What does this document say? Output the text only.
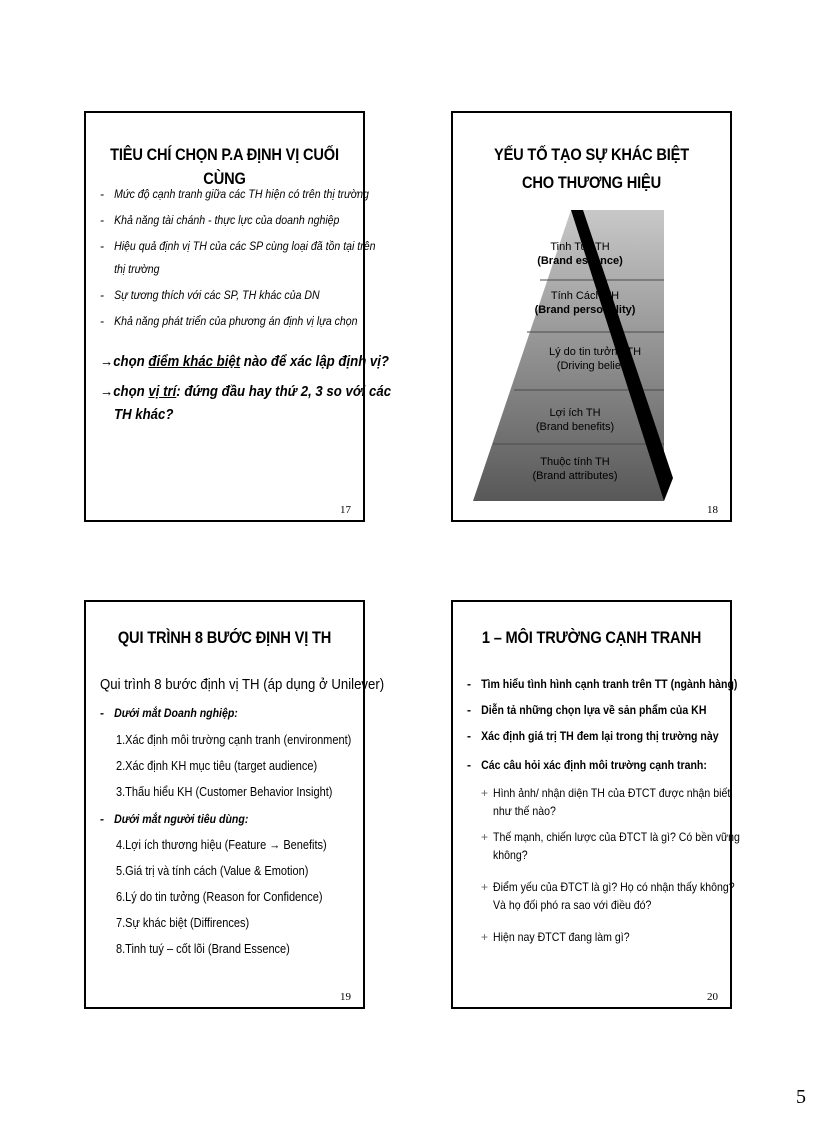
TIÊU CHÍ CHỌN P.A ĐỊNH VỊ CUỐI CÙNG
- Mức độ cạnh tranh giữa các TH hiện có trên thị trường
- Khả năng tài chánh - thực lực của doanh nghiệp
- Hiệu quả định vị TH của các SP cùng loại đã tồn tại trên
thị trường
- Sự tương thích với các SP, TH khác của DN
- Khả năng phát triển của phương án định vị lựa chọn
→chọn điểm khác biệt nào để xác lập định vị?
→chọn vị trí: đứng đầu hay thứ 2, 3 so với các
TH khác?
17
YẾU TỐ TẠO SỰ KHÁC BIỆT
CHO THƯƠNG HIỆU
Tinh Tuý TH
(Brand essence)
Tính Cách TH
(Brand personality)
Lý do tin tưởng TH
(Driving beliefs)
Lợi ích TH
(Brand benefits)
Thuộc tính TH
(Brand attributes)
18
QUI TRÌNH 8 BƯỚC ĐỊNH VỊ TH
Qui trình 8 bước định vị TH (áp dụng ở Unilever)
- Dưới mắt Doanh nghiệp:
1.Xác định môi trường cạnh tranh (environment)
2.Xác định KH mục tiêu (target audience)
3.Thấu hiểu KH (Customer Behavior Insight)
- Dưới mắt người tiêu dùng:
4.Lợi ích thương hiệu (Feature → Benefits)
5.Giá trị và tính cách (Value & Emotion)
6.Lý do tin tưởng (Reason for Confidence)
7.Sự khác biệt (Diffirences)
8.Tinh tuý – cốt lõi (Brand Essence)
19
1 – MÔI TRƯỜNG CẠNH TRANH
- Tìm hiểu tình hình cạnh tranh trên TT (ngành hàng)
- Diễn tả những chọn lựa về sản phẩm của KH
- Xác định giá trị TH đem lại trong thị trường này
- Các câu hỏi xác định môi trường cạnh tranh:
+ Hình ảnh/ nhận diện TH của ĐTCT được nhận biết
như thế nào?
+ Thế mạnh, chiến lược của ĐTCT là gì? Có bền vững
không?
+ Điểm yếu của ĐTCT là gì? Họ có nhận thấy không?
Và họ đối phó ra sao với điều đó?
+ Hiện nay ĐTCT đang làm gì?
20
5
